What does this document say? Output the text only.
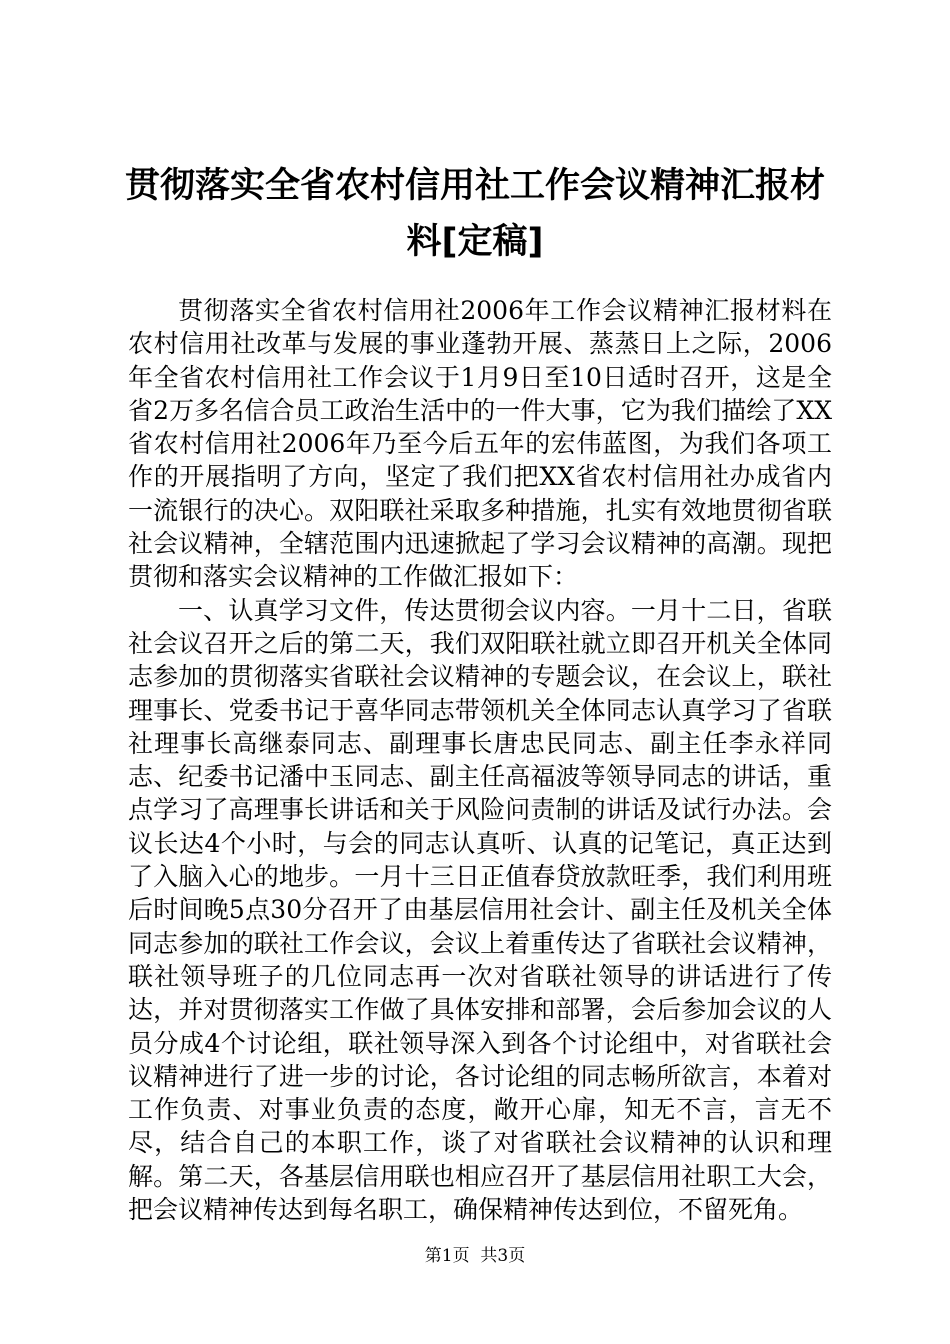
贯彻落实全省农村信用社工作会议精神汇报材料[定稿]

贯彻落实全省农村信用社2006年工作会议精神汇报材料在农村信用社改革与发展的事业蓬勃开展、蒸蒸日上之际，2006年全省农村信用社工作会议于1月9日至10日适时召开，这是全省2万多名信合员工政治生活中的一件大事，它为我们描绘了XX省农村信用社2006年乃至今后五年的宏伟蓝图，为我们各项工作的开展指明了方向，坚定了我们把XX省农村信用社办成省内一流银行的决心。双阳联社采取多种措施，扎实有效地贯彻省联社会议精神，全辖范围内迅速掀起了学习会议精神的高潮。现把贯彻和落实会议精神的工作做汇报如下：

一、认真学习文件，传达贯彻会议内容。一月十二日，省联社会议召开之后的第二天，我们双阳联社就立即召开机关全体同志参加的贯彻落实省联社会议精神的专题会议，在会议上，联社理事长、党委书记于喜华同志带领机关全体同志认真学习了省联社理事长高继泰同志、副理事长唐忠民同志、副主任李永祥同志、纪委书记潘中玉同志、副主任高福波等领导同志的讲话，重点学习了高理事长讲话和关于风险问责制的讲话及试行办法。会议长达4个小时，与会的同志认真听、认真的记笔记，真正达到了入脑入心的地步。一月十三日正值春贷放款旺季，我们利用班后时间晚5点30分召开了由基层信用社会计、副主任及机关全体同志参加的联社工作会议，会议上着重传达了省联社会议精神，联社领导班子的几位同志再一次对省联社领导的讲话进行了传达，并对贯彻落实工作做了具体安排和部署，会后参加会议的人员分成4个讨论组，联社领导深入到各个讨论组中，对省联社会议精神进行了进一步的讨论，各讨论组的同志畅所欲言，本着对工作负责、对事业负责的态度，敞开心扉，知无不言，言无不尽，结合自己的本职工作，谈了对省联社会议精神的认识和理解。第二天，各基层信用联也相应召开了基层信用社职工大会，把会议精神传达到每名职工，确保精神传达到位，不留死角。

第1页 共3页
